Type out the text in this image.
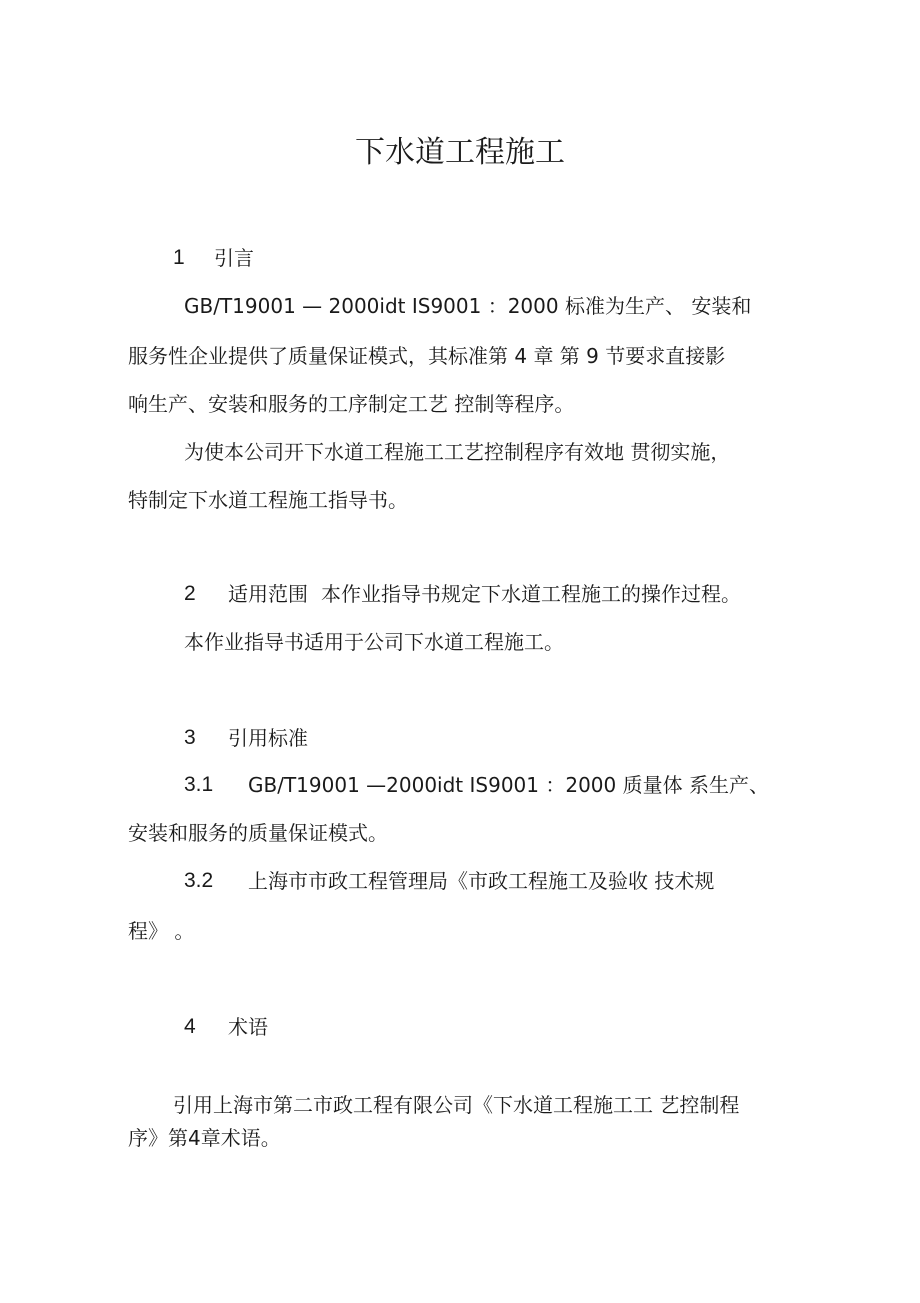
下水道工程施工
1 引言
GB/T19001 — 2000idt IS9001 ：2000 标准为生产、 安装和
服务性企业提供了质量保证模式，其标准第 4 章 第 9 节要求直接影
响生产、安装和服务的工序制定工艺 控制等程序。
为使本公司开下水道工程施工工艺控制程序有效地 贯彻实施，
特制定下水道工程施工指导书。
2 适用范围 本作业指导书规定下水道工程施工的操作过程。
本作业指导书适用于公司下水道工程施工。
3 引用标准
3.1 GB/T19001 —2000idt IS9001 ：2000 质量体 系生产、
安装和服务的质量保证模式。
3.2 上海市市政工程管理局《市政工程施工及验收 技术规
程》 。
4 术语
引用上海市第二市政工程有限公司《下水道工程施工工 艺控制程
序》第4章术语。
